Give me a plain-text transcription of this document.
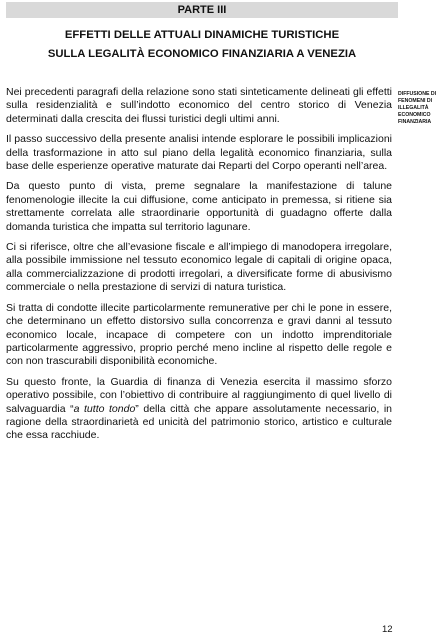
PARTE III
EFFETTI DELLE ATTUALI DINAMICHE TURISTICHE
SULLA LEGALITÀ ECONOMICO FINANZIARIA A VENEZIA
DIFFUSIONE DI
FENOMENI DI
ILLEGALITÀ
ECONOMICO
FINANZIARIA

Nei precedenti paragrafi della relazione sono stati sinteticamente delineati gli effetti sulla residenzialità e sull’indotto economico del centro storico di Venezia determinati dalla crescita dei flussi turistici degli ultimi anni.

Il passo successivo della presente analisi intende esplorare le possibili implicazioni della trasformazione in atto sul piano della legalità economico finanziaria, sulla base delle esperienze operative maturate dai Reparti del Corpo operanti nell’area.

Da questo punto di vista, preme segnalare la manifestazione di talune fenomenologie illecite la cui diffusione, come anticipato in premessa, si ritiene sia strettamente correlata alle straordinarie opportunità di guadagno offerte dalla domanda turistica che impatta sul territorio lagunare.

Ci si riferisce, oltre che all’evasione fiscale e all’impiego di manodopera irregolare, alla possibile immissione nel tessuto economico legale di capitali di origine opaca, alla commercializzazione di prodotti irregolari, a diversificate forme di abusivismo commerciale o nella prestazione di servizi di natura turistica.

Si tratta di condotte illecite particolarmente remunerative per chi le pone in essere, che determinano un effetto distorsivo sulla concorrenza e gravi danni al tessuto economico locale, incapace di competere con un indotto imprenditoriale particolarmente aggressivo, proprio perché meno incline al rispetto delle regole e con non trascurabili disponibilità economiche.

Su questo fronte, la Guardia di finanza di Venezia esercita il massimo sforzo operativo possibile, con l’obiettivo di contribuire al raggiungimento di quel livello di salvaguardia “a tutto tondo” della città che appare assolutamente necessario, in ragione della straordinarietà ed unicità del patrimonio storico, artistico e culturale che essa racchiude.

12
